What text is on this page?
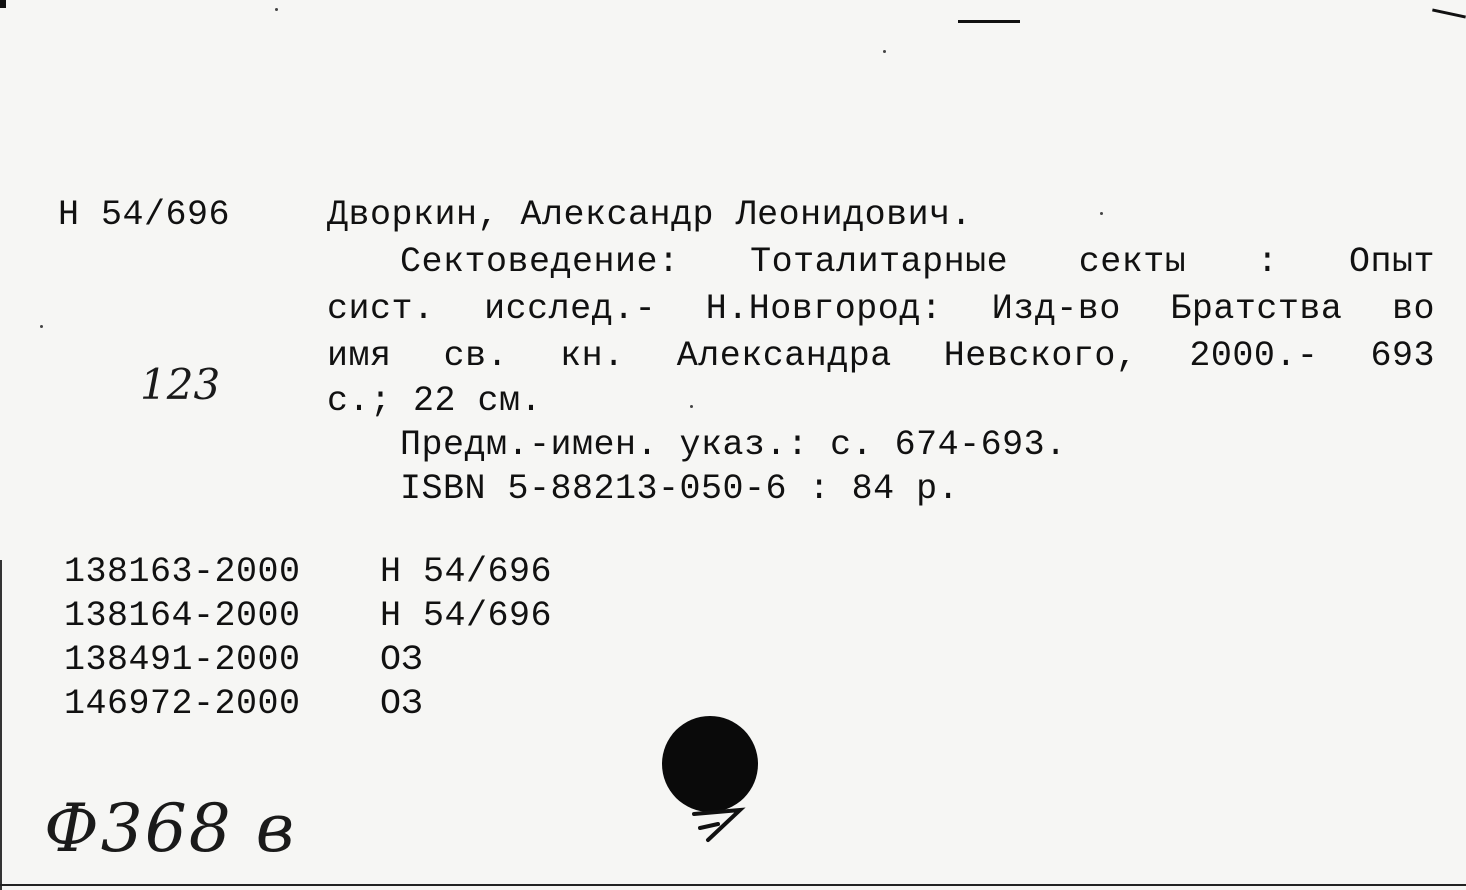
Н 54/696	Дворкин, Александр Леонидович.
Сектоведение: Тоталитарные секты : Опыт
сист. исслед.- Н.Новгород: Изд-во Братства во
имя св. кн. Александра Невского, 2000.- 693
с.; 22 см.
Предм.-имен. указ.: с. 674-693.
ISBN 5-88213-050-6 : 84 р.
138163-2000 Н 54/696
138164-2000 Н 54/696
138491-2000 ОЗ
146972-2000 ОЗ
123
Ф368 в
